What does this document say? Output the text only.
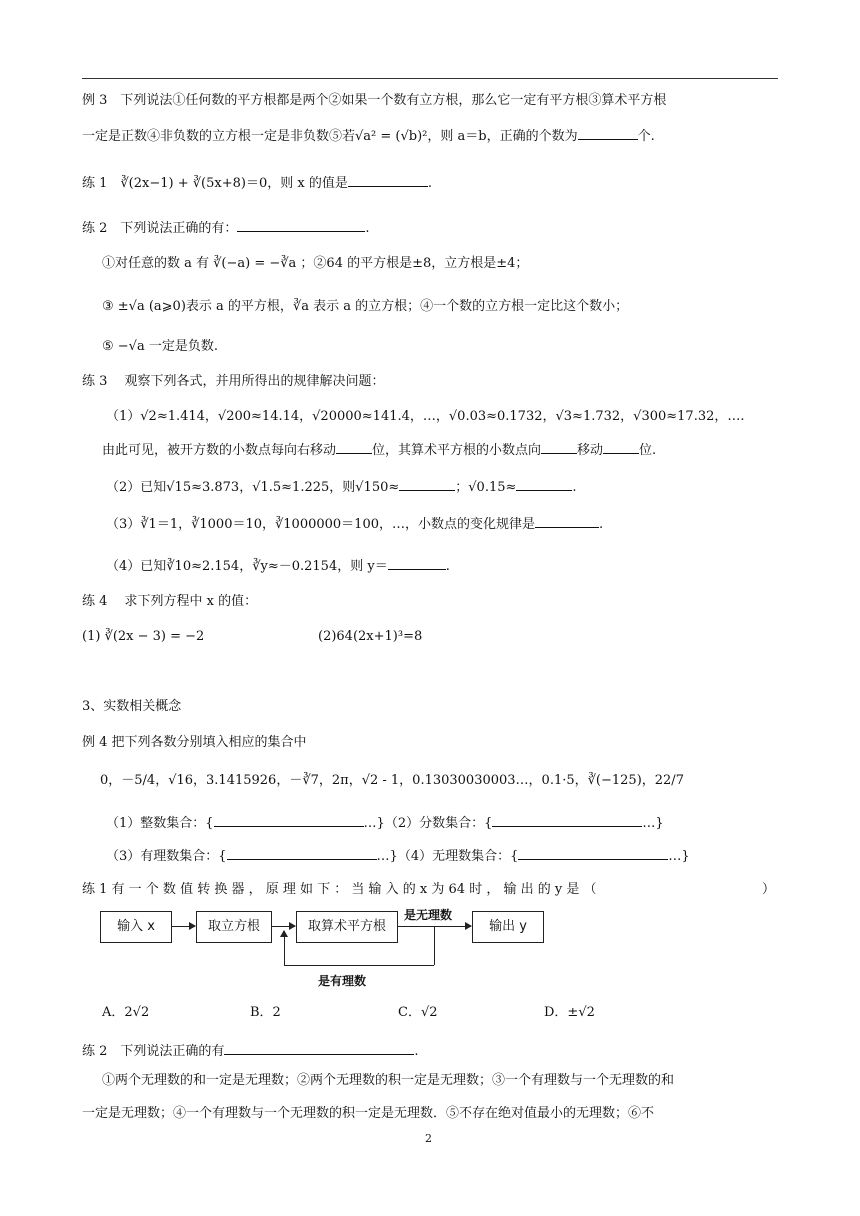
例 3　下列说法①任何数的平方根都是两个②如果一个数有立方根，那么它一定有平方根③算术平方根
一定是正数④非负数的立方根一定是非负数⑤若√a² = (√b)²，则 a＝b，正确的个数为	个.
练 1　∛(2x−1) + ∛(5x+8)＝0，则 x 的值是	.
练 2　下列说法正确的有：	.
①对任意的数 a 有 ∛(−a) = −∛a ；②64 的平方根是±8，立方根是±4；
③ ±√a (a⩾0)表示 a 的平方根，∛a 表示 a 的立方根；④一个数的立方根一定比这个数小；
⑤ −√a 一定是负数.
练 3　 观察下列各式，并用所得出的规律解决问题：
（1）√2≈1.414，√200≈14.14，√20000≈141.4，…，√0.03≈0.1732，√3≈1.732，√300≈17.32，….
由此可见，被开方数的小数点每向右移动	位，其算术平方根的小数点向	移动	位.
（2）已知√15≈3.873，√1.5≈1.225，则√150≈	；√0.15≈	.
（3）∛1＝1，∛1000＝10，∛1000000＝100，…，小数点的变化规律是	.
（4）已知∛10≈2.154，∛y≈－0.2154，则 y＝	.
练 4　 求下列方程中 x 的值：
(1) ∛(2x − 3) = −2	(2)64(2x+1)³=8
3、实数相关概念
例 4 把下列各数分别填入相应的集合中
0，－5/4，√16，3.1415926，－∛7，2π，√2 - 1，0.13030030003…，0.1·5，∛(−125)，22/7
（1）整数集合：{	…}（2）分数集合：{	…}
（3）有理数集合：{	…}（4）无理数集合：{	…}
练 1 有 一 个 数 值 转 换 器 ， 原 理 如 下 ： 当 输 入 的 x 为 64 时 ， 输 出 的 y 是 （	）
输入 x	取立方根	取算术平方根
是无理数
输出 y
是有理数
A．2√2	B．2	C．√2	D．±√2
练 2　下列说法正确的有	.
①两个无理数的和一定是无理数；②两个无理数的积一定是无理数；③一个有理数与一个无理数的和
一定是无理数；④一个有理数与一个无理数的积一定是无理数．⑤不存在绝对值最小的无理数；⑥不
2
